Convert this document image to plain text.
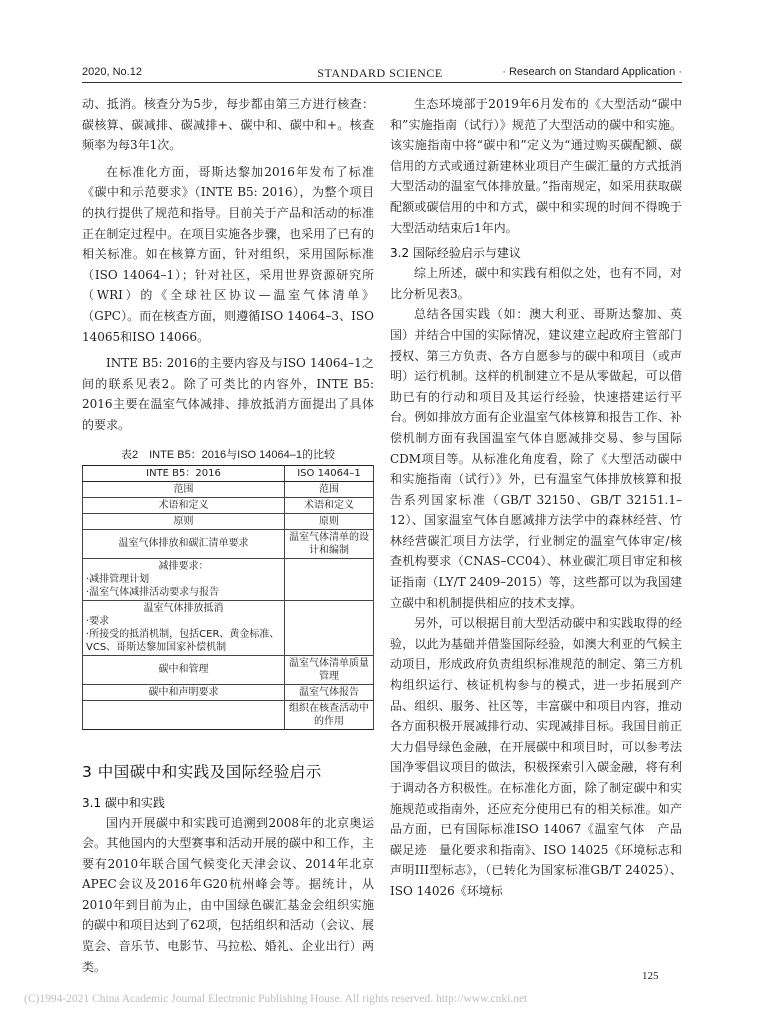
2020, No.12	STANDARD SCIENCE	· Research on Standard Application ·

动、抵消。核查分为5步，每步都由第三方进行核查：碳核算、碳减排、碳减排+、碳中和、碳中和+。核查频率为每3年1次。

在标准化方面，哥斯达黎加2016年发布了标准《碳中和示范要求》（INTE B5: 2016），为整个项目的执行提供了规范和指导。目前关于产品和活动的标准正在制定过程中。在项目实施各步骤，也采用了已有的相关标准。如在核算方面，针对组织，采用国际标准（ISO 14064–1）；针对社区，采用世界资源研究所（WRI）的《全球社区协议—温室气体清单》（GPC）。而在核查方面，则遵循ISO 14064–3、ISO 14065和ISO 14066。

INTE B5: 2016的主要内容及与ISO 14064–1之间的联系见表2。除了可类比的内容外，INTE B5: 2016主要在温室气体减排、排放抵消方面提出了具体的要求。

表2　INTE B5：2016与ISO 14064–1的比较
INTE B5：2016	ISO 14064–1
范围	范围
术语和定义	术语和定义
原则	原则
温室气体排放和碳汇清单要求	温室气体清单的设计和编制

减排要求：
·减排管理计划
·温室气体减排活动要求与报告	

温室气体排放抵消
·要求
·所接受的抵消机制，包括CER、黄金标准、VCS、哥斯达黎加国家补偿机制	

碳中和管理	温室气体清单质量管理
碳中和声明要求	温室气体报告
	组织在核查活动中的作用
3 中国碳中和实践及国际经验启示
3.1 碳中和实践

国内开展碳中和实践可追溯到2008年的北京奥运会。其他国内的大型赛事和活动开展的碳中和工作，主要有2010年联合国气候变化天津会议、2014年北京APEC会议及2016年G20杭州峰会等。据统计，从2010年到目前为止，由中国绿色碳汇基金会组织实施的碳中和项目达到了62项，包括组织和活动（会议、展览会、音乐节、电影节、马拉松、婚礼、企业出行）两类。

生态环境部于2019年6月发布的《大型活动“碳中和”实施指南（试行）》规范了大型活动的碳中和实施。该实施指南中将“碳中和”定义为“通过购买碳配额、碳信用的方式或通过新建林业项目产生碳汇量的方式抵消大型活动的温室气体排放量。”指南规定，如采用获取碳配额或碳信用的中和方式，碳中和实现的时间不得晚于大型活动结束后1年内。

3.2 国际经验启示与建议

综上所述，碳中和实践有相似之处，也有不同，对比分析见表3。

总结各国实践（如：澳大利亚、哥斯达黎加、英国）并结合中国的实际情况，建议建立起政府主管部门授权、第三方负责、各方自愿参与的碳中和项目（或声明）运行机制。这样的机制建立不是从零做起，可以借助已有的行动和项目及其运行经验，快速搭建运行平台。例如排放方面有企业温室气体核算和报告工作、补偿机制方面有我国温室气体自愿减排交易、参与国际CDM项目等。从标准化角度看，除了《大型活动碳中和实施指南（试行）》外，已有温室气体排放核算和报告系列国家标准（GB/T 32150、GB/T 32151.1–12）、国家温室气体自愿减排方法学中的森林经营、竹林经营碳汇项目方法学，行业制定的温室气体审定/核查机构要求（CNAS–CC04）、林业碳汇项目审定和核证指南（LY/T 2409–2015）等，这些都可以为我国建立碳中和机制提供相应的技术支撑。

另外，可以根据目前大型活动碳中和实践取得的经验，以此为基础并借鉴国际经验，如澳大利亚的气候主动项目，形成政府负责组织标准规范的制定、第三方机构组织运行、核证机构参与的模式，进一步拓展到产品、组织、服务、社区等，丰富碳中和项目内容，推动各方面积极开展减排行动、实现减排目标。我国目前正大力倡导绿色金融，在开展碳中和项目时，可以参考法国净零倡议项目的做法，积极探索引入碳金融，将有利于调动各方积极性。在标准化方面，除了制定碳中和实施规范或指南外，还应充分使用已有的相关标准。如产品方面，已有国际标准ISO 14067《温室气体　产品碳足迹　量化要求和指南》、ISO 14025《环境标志和声明III型标志》，（已转化为国家标准GB/T 24025）、ISO 14026《环境标

125
(C)1994-2021 China Academic Journal Electronic Publishing House. All rights reserved. http://www.cnki.net
